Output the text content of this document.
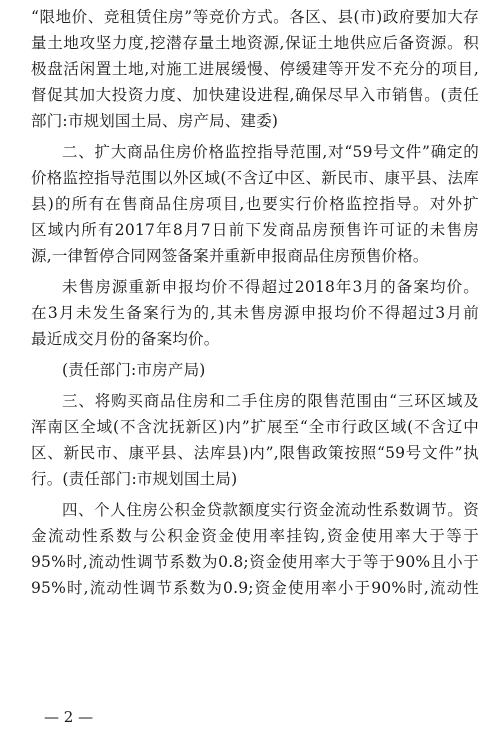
“限地价、竞租赁住房”等竞价方式。各区、县(市)政府要加大存
量土地攻坚力度,挖潜存量土地资源,保证土地供应后备资源。积
极盘活闲置土地,对施工进展缓慢、停缓建等开发不充分的项目,
督促其加大投资力度、加快建设进程,确保尽早入市销售。(责任
部门:市规划国土局、房产局、建委)
二、扩大商品住房价格监控指导范围,对“59号文件”确定的
价格监控指导范围以外区域(不含辽中区、新民市、康平县、法库
县)的所有在售商品住房项目,也要实行价格监控指导。对外扩
区域内所有2017年8月7日前下发商品房预售许可证的未售房
源,一律暂停合同网签备案并重新申报商品住房预售价格。
未售房源重新申报均价不得超过2018年3月的备案均价。
在3月未发生备案行为的,其未售房源申报均价不得超过3月前
最近成交月份的备案均价。
(责任部门:市房产局)
三、将购买商品住房和二手住房的限售范围由“三环区域及
浑南区全域(不含沈抚新区)内”扩展至“全市行政区域(不含辽中
区、新民市、康平县、法库县)内”,限售政策按照“59号文件”执
行。(责任部门:市规划国土局)
四、个人住房公积金贷款额度实行资金流动性系数调节。资
金流动性系数与公积金资金使用率挂钩,资金使用率大于等于
95%时,流动性调节系数为0.8;资金使用率大于等于90%且小于
95%时,流动性调节系数为0.9;资金使用率小于90%时,流动性
— 2 —
